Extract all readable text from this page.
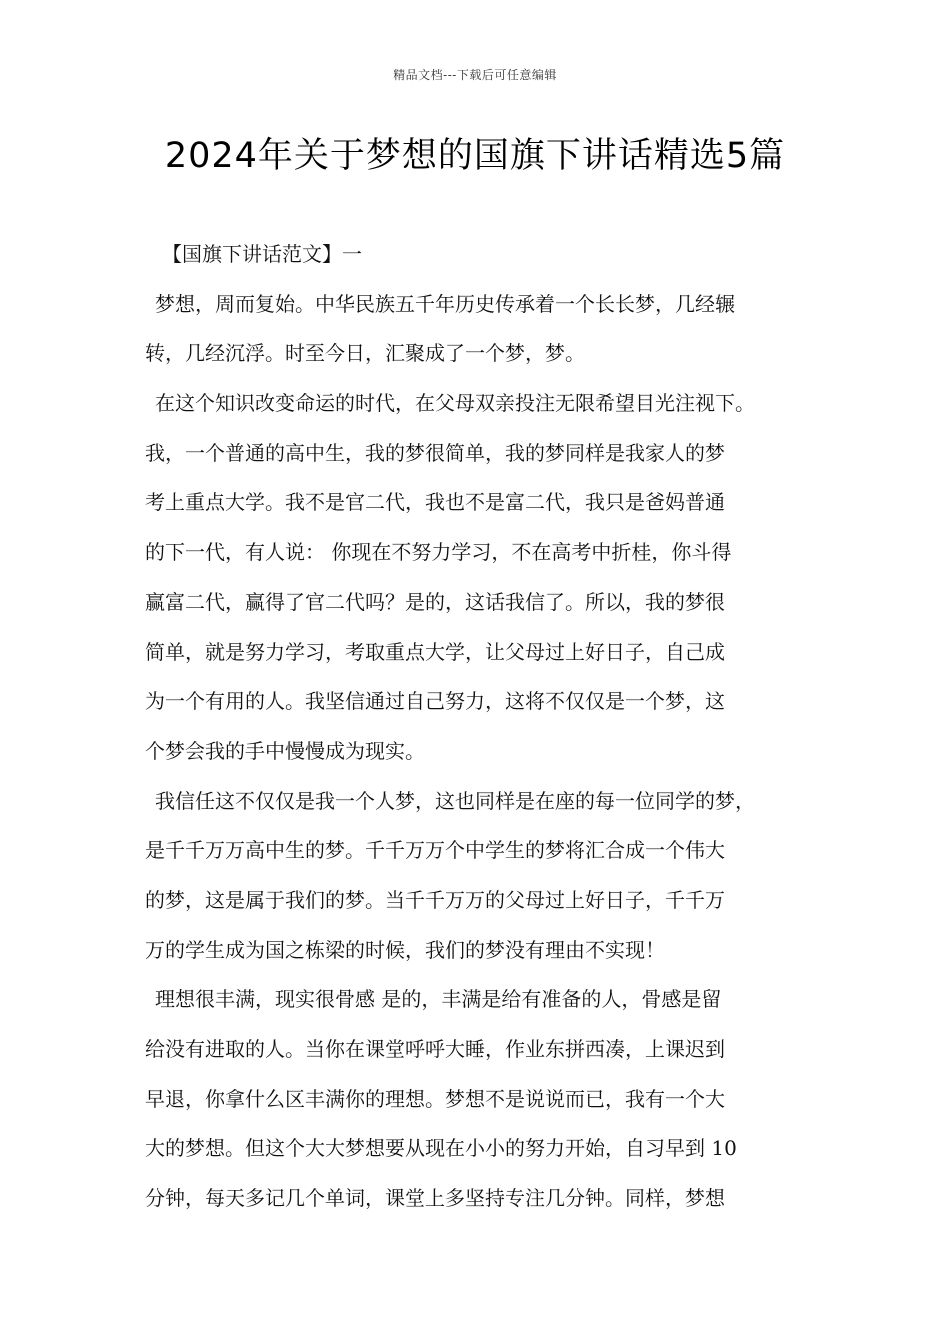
精品文档---下载后可任意编辑
2024年关于梦想的国旗下讲话精选5篇
【国旗下讲话范文】一
梦想，周而复始。中华民族五千年历史传承着一个长长梦，几经辗
转，几经沉浮。时至今日，汇聚成了一个梦，梦。
在这个知识改变命运的时代，在父母双亲投注无限希望目光注视下。
我，一个普通的高中生，我的梦很简单，我的梦同样是我家人的梦
考上重点大学。我不是官二代，我也不是富二代，我只是爸妈普通
的下一代，有人说： 你现在不努力学习，不在高考中折桂，你斗得
赢富二代，赢得了官二代吗？是的，这话我信了。所以，我的梦很
简单，就是努力学习，考取重点大学，让父母过上好日子，自己成
为一个有用的人。我坚信通过自己努力，这将不仅仅是一个梦，这
个梦会我的手中慢慢成为现实。
我信任这不仅仅是我一个人梦，这也同样是在座的每一位同学的梦，
是千千万万高中生的梦。千千万万个中学生的梦将汇合成一个伟大
的梦，这是属于我们的梦。当千千万万的父母过上好日子，千千万
万的学生成为国之栋梁的时候，我们的梦没有理由不实现！
理想很丰满，现实很骨感 是的，丰满是给有准备的人，骨感是留
给没有进取的人。当你在课堂呼呼大睡，作业东拼西凑，上课迟到
早退，你拿什么区丰满你的理想。梦想不是说说而已，我有一个大
大的梦想。但这个大大梦想要从现在小小的努力开始，自习早到 10
分钟，每天多记几个单词，课堂上多坚持专注几分钟。同样，梦想
